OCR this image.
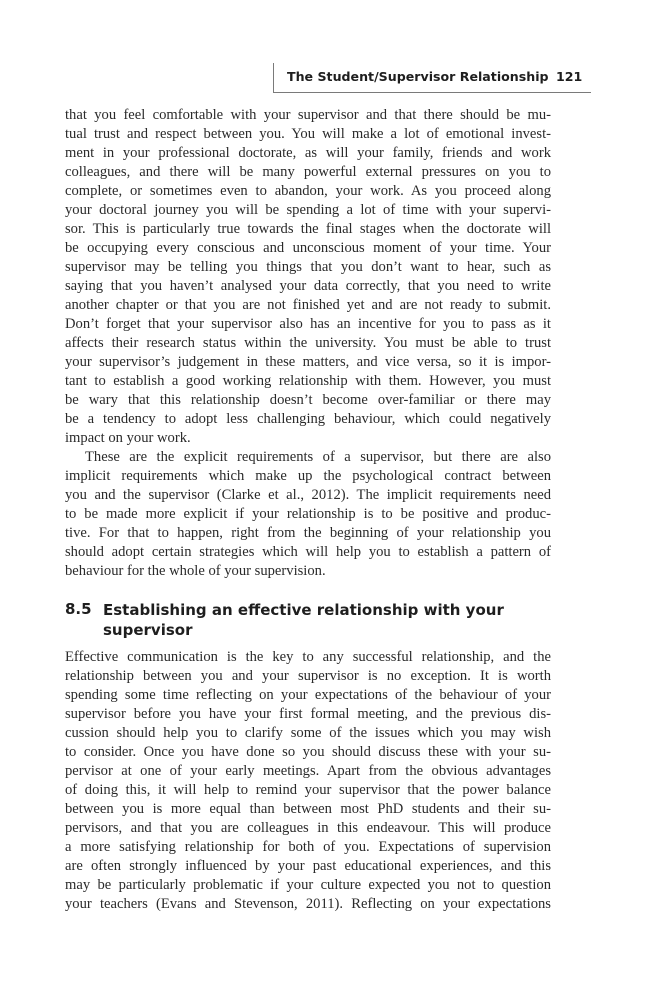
The Student/Supervisor Relationship 121
that you feel comfortable with your supervisor and that there should be mu-
tual trust and respect between you. You will make a lot of emotional invest-
ment in your professional doctorate, as will your family, friends and work
colleagues, and there will be many powerful external pressures on you to
complete, or sometimes even to abandon, your work. As you proceed along
your doctoral journey you will be spending a lot of time with your supervi-
sor. This is particularly true towards the final stages when the doctorate will
be occupying every conscious and unconscious moment of your time. Your
supervisor may be telling you things that you don’t want to hear, such as
saying that you haven’t analysed your data correctly, that you need to write
another chapter or that you are not finished yet and are not ready to submit.
Don’t forget that your supervisor also has an incentive for you to pass as it
affects their research status within the university. You must be able to trust
your supervisor’s judgement in these matters, and vice versa, so it is impor-
tant to establish a good working relationship with them. However, you must
be wary that this relationship doesn’t become over-familiar or there may
be a tendency to adopt less challenging behaviour, which could negatively
impact on your work.
These are the explicit requirements of a supervisor, but there are also
implicit requirements which make up the psychological contract between
you and the supervisor (Clarke et al., 2012). The implicit requirements need
to be made more explicit if your relationship is to be positive and produc-
tive. For that to happen, right from the beginning of your relationship you
should adopt certain strategies which will help you to establish a pattern of
behaviour for the whole of your supervision.
8.5 Establishing an effective relationship with your
supervisor
Effective communication is the key to any successful relationship, and the
relationship between you and your supervisor is no exception. It is worth
spending some time reflecting on your expectations of the behaviour of your
supervisor before you have your first formal meeting, and the previous dis-
cussion should help you to clarify some of the issues which you may wish
to consider. Once you have done so you should discuss these with your su-
pervisor at one of your early meetings. Apart from the obvious advantages
of doing this, it will help to remind your supervisor that the power balance
between you is more equal than between most PhD students and their su-
pervisors, and that you are colleagues in this endeavour. This will produce
a more satisfying relationship for both of you. Expectations of supervision
are often strongly influenced by your past educational experiences, and this
may be particularly problematic if your culture expected you not to question
your teachers (Evans and Stevenson, 2011). Reflecting on your expectations
